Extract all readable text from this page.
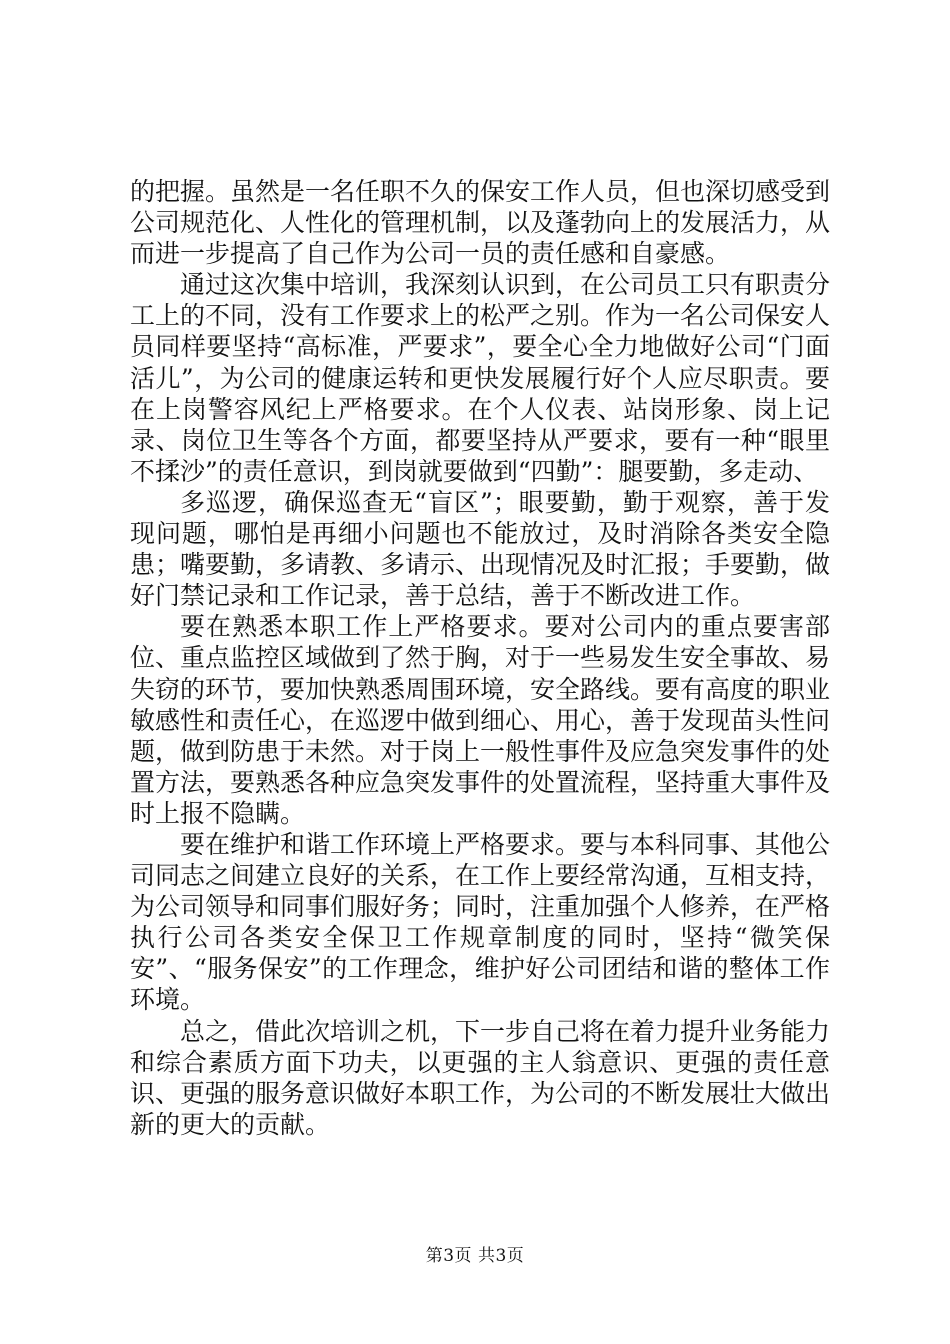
的把握。虽然是一名任职不久的保安工作人员，但也深切感受到公司规范化、人性化的管理机制，以及蓬勃向上的发展活力，从而进一步提高了自己作为公司一员的责任感和自豪感。

通过这次集中培训，我深刻认识到，在公司员工只有职责分工上的不同，没有工作要求上的松严之别。作为一名公司保安人员同样要坚持“高标准，严要求”，要全心全力地做好公司“门面活儿”，为公司的健康运转和更快发展履行好个人应尽职责。要在上岗警容风纪上严格要求。在个人仪表、站岗形象、岗上记录、岗位卫生等各个方面，都要坚持从严要求，要有一种“眼里不揉沙”的责任意识，到岗就要做到“四勤”：腿要勤，多走动、

多巡逻，确保巡查无“盲区”；眼要勤，勤于观察，善于发现问题，哪怕是再细小问题也不能放过，及时消除各类安全隐患；嘴要勤，多请教、多请示、出现情况及时汇报；手要勤，做好门禁记录和工作记录，善于总结，善于不断改进工作。

要在熟悉本职工作上严格要求。要对公司内的重点要害部位、重点监控区域做到了然于胸，对于一些易发生安全事故、易失窃的环节，要加快熟悉周围环境，安全路线。要有高度的职业敏感性和责任心，在巡逻中做到细心、用心，善于发现苗头性问题，做到防患于未然。对于岗上一般性事件及应急突发事件的处置方法，要熟悉各种应急突发事件的处置流程，坚持重大事件及时上报不隐瞒。

要在维护和谐工作环境上严格要求。要与本科同事、其他公司同志之间建立良好的关系，在工作上要经常沟通，互相支持，为公司领导和同事们服好务；同时，注重加强个人修养，在严格执行公司各类安全保卫工作规章制度的同时，坚持“微笑保安”、“服务保安”的工作理念，维护好公司团结和谐的整体工作环境。

总之，借此次培训之机，下一步自己将在着力提升业务能力和综合素质方面下功夫，以更强的主人翁意识、更强的责任意识、更强的服务意识做好本职工作，为公司的不断发展壮大做出新的更大的贡献。

第3页 共3页
